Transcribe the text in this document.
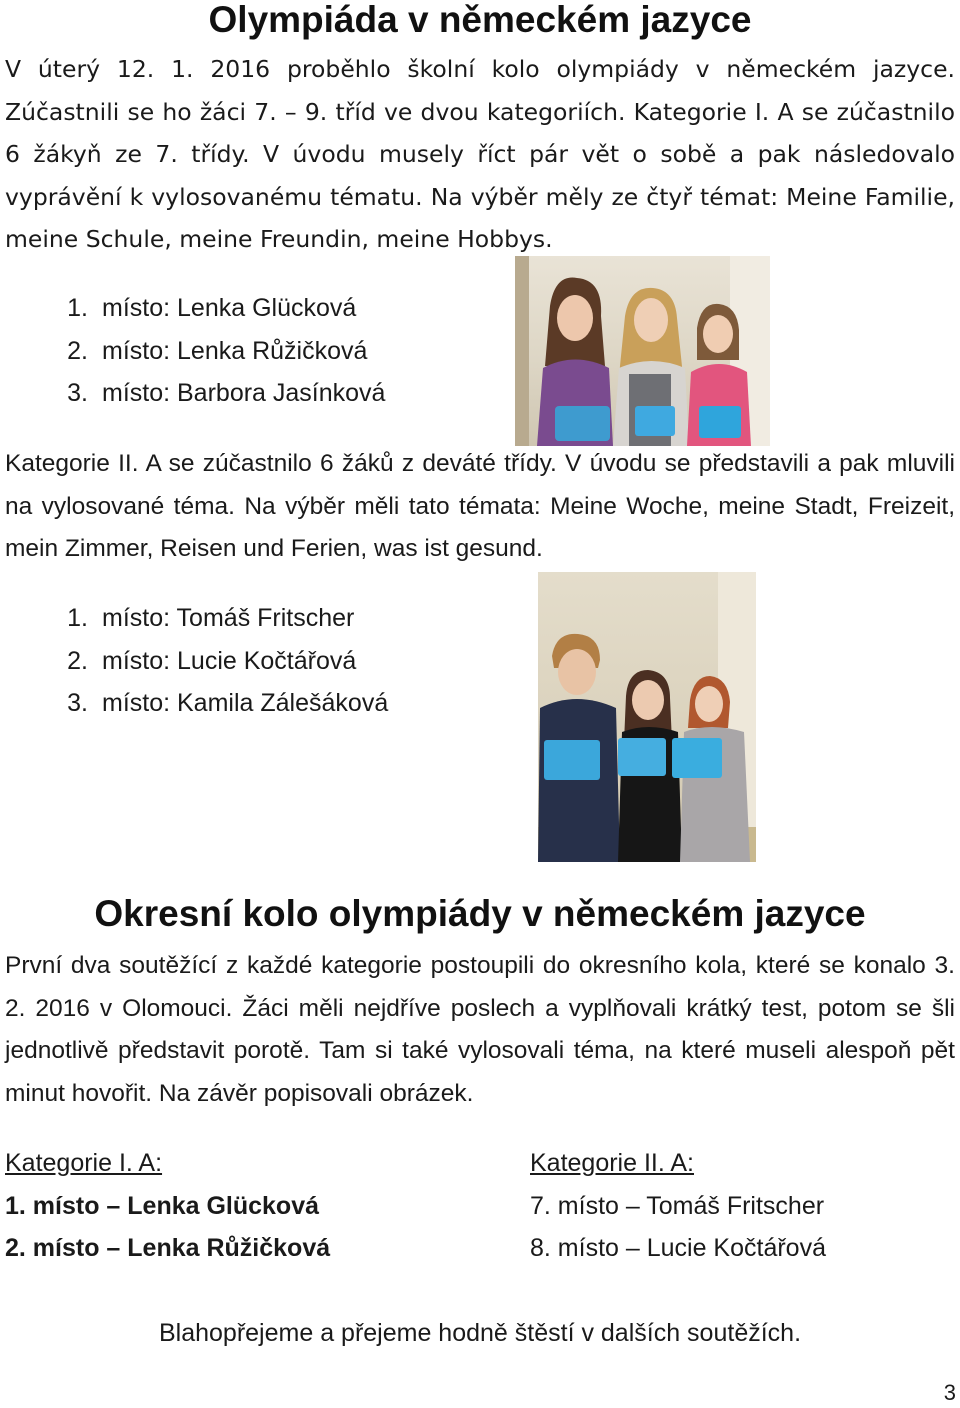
Olympiáda v německém jazyce

V úterý 12. 1. 2016 proběhlo školní kolo olympiády v německém jazyce. Zúčastnili se ho žáci 7. – 9. tříd ve dvou kategoriích. Kategorie I. A se zúčastnilo 6 žákyň ze 7. třídy. V úvodu musely říct pár vět o sobě a pak následovalo vyprávění k vylosovanému tématu. Na výběr měly ze čtyř témat: Meine Familie, meine Schule, meine Freundin, meine Hobbys.

1. místo: Lenka Glücková
2. místo: Lenka Růžičková
3. místo: Barbora Jasínková

Kategorie II. A se zúčastnilo 6 žáků z deváté třídy. V úvodu se představili a pak mluvili na vylosované téma. Na výběr měli tato témata: Meine Woche, meine Stadt, Freizeit, mein Zimmer, Reisen und Ferien, was ist gesund.

1. místo: Tomáš Fritscher
2. místo: Lucie Kočtářová
3. místo: Kamila Zálešáková
Okresní kolo olympiády v německém jazyce

První dva soutěžící z každé kategorie postoupili do okresního kola, které se konalo 3. 2. 2016 v Olomouci. Žáci měli nejdříve poslech a vyplňovali krátký test, potom se šli jednotlivě představit porotě. Tam si také vylosovali téma, na které museli alespoň pět minut hovořit. Na závěr popisovali obrázek.

Kategorie I. A:
1. místo – Lenka Glücková
2. místo – Lenka Růžičková
Kategorie II. A:
7. místo – Tomáš Fritscher
8. místo – Lucie Kočtářová
Blahopřejeme a přejeme hodně štěstí v dalších soutěžích.
3
